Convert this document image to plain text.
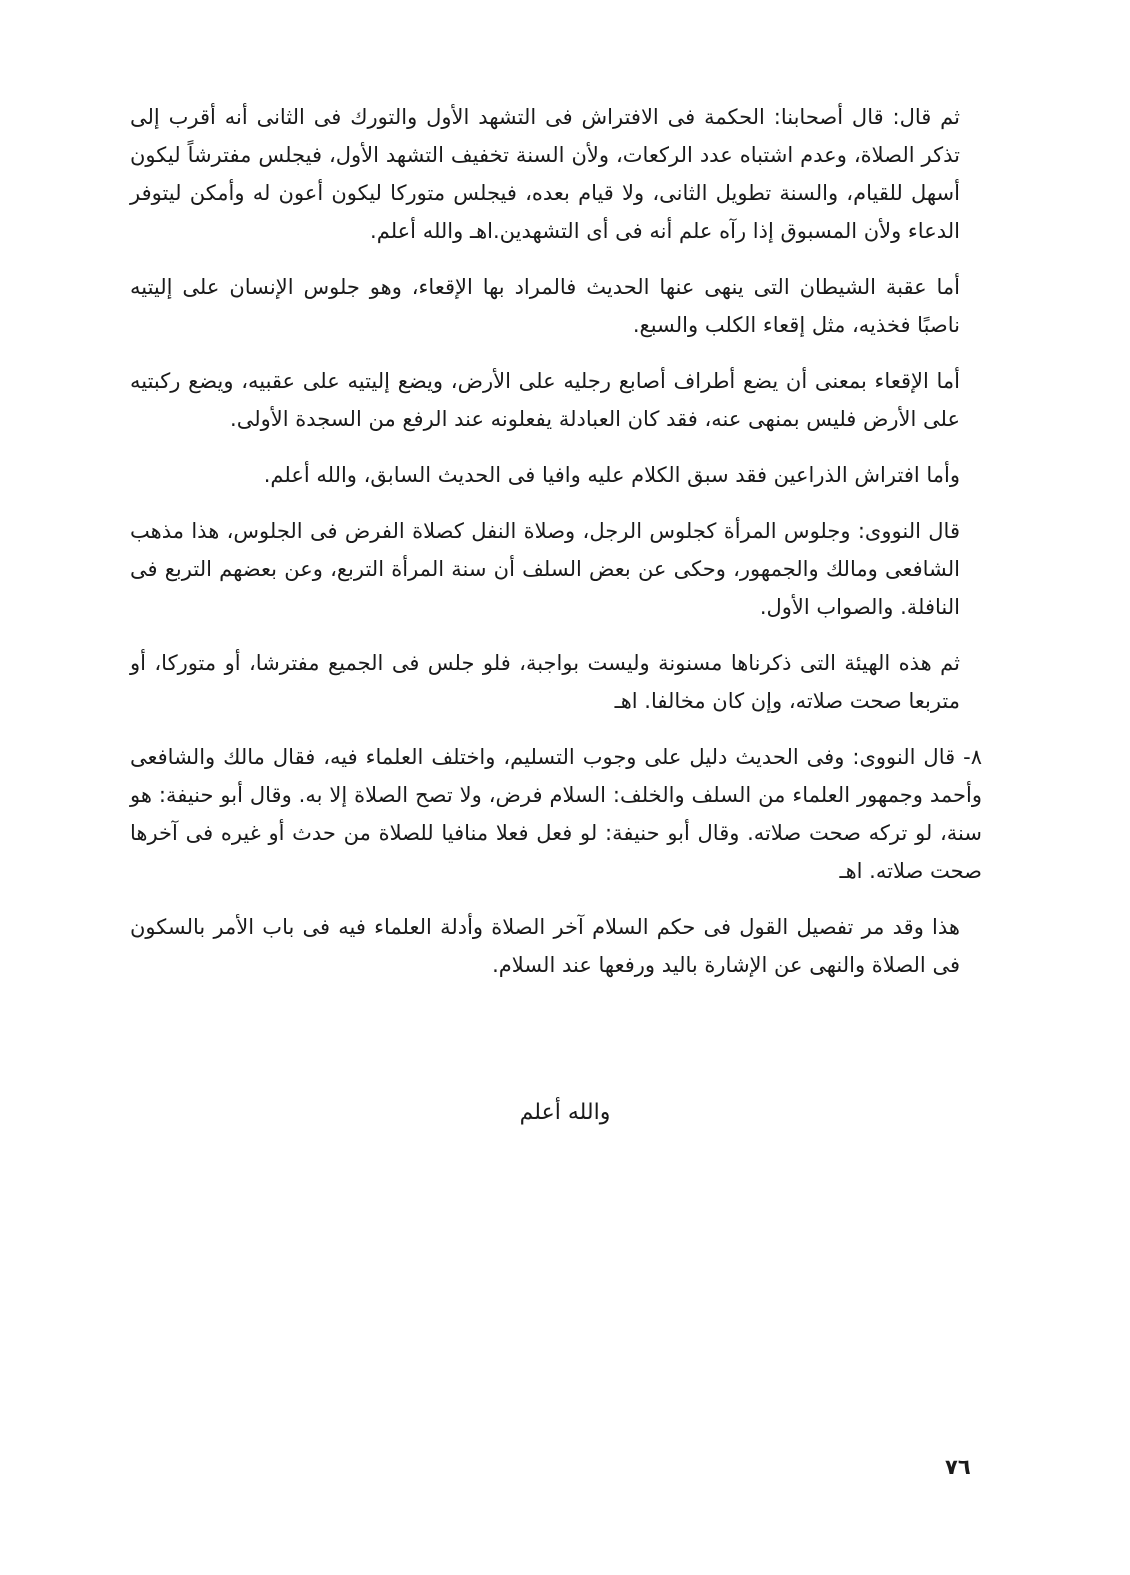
ثم قال: قال أصحابنا: الحكمة فى الافتراش فى التشهد الأول والتورك فى الثانى أنه أقرب إلى تذكر الصلاة، وعدم اشتباه عدد الركعات، ولأن السنة تخفيف التشهد الأول، فيجلس مفترشاً ليكون أسهل للقيام، والسنة تطويل الثانى، ولا قيام بعده، فيجلس متوركا ليكون أعون له وأمكن ليتوفر الدعاء ولأن المسبوق إذا رآه علم أنه فى أى التشهدين.اهـ والله أعلم.

أما عقبة الشيطان التى ينهى عنها الحديث فالمراد بها الإقعاء، وهو جلوس الإنسان على إليتيه ناصبًا فخذيه، مثل إقعاء الكلب والسبع.

أما الإقعاء بمعنى أن يضع أطراف أصابع رجليه على الأرض، ويضع إليتيه على عقبيه، ويضع ركبتيه على الأرض فليس بمنهى عنه، فقد كان العبادلة يفعلونه عند الرفع من السجدة الأولى.

وأما افتراش الذراعين فقد سبق الكلام عليه وافيا فى الحديث السابق، والله أعلم.

قال النووى: وجلوس المرأة كجلوس الرجل، وصلاة النفل كصلاة الفرض فى الجلوس، هذا مذهب الشافعى ومالك والجمهور، وحكى عن بعض السلف أن سنة المرأة التربع، وعن بعضهم التربع فى النافلة. والصواب الأول.

ثم هذه الهيئة التى ذكرناها مسنونة وليست بواجبة، فلو جلس فى الجميع مفترشا، أو متوركا، أو متربعا صحت صلاته، وإن كان مخالفا. اهـ

٨- قال النووى: وفى الحديث دليل على وجوب التسليم، واختلف العلماء فيه، فقال مالك والشافعى وأحمد وجمهور العلماء من السلف والخلف: السلام فرض، ولا تصح الصلاة إلا به. وقال أبو حنيفة: هو سنة، لو تركه صحت صلاته. وقال أبو حنيفة: لو فعل فعلا منافيا للصلاة من حدث أو غيره فى آخرها صحت صلاته. اهـ

هذا وقد مر تفصيل القول فى حكم السلام آخر الصلاة وأدلة العلماء فيه فى باب الأمر بالسكون فى الصلاة والنهى عن الإشارة باليد ورفعها عند السلام.

والله أعلم
٧٦
